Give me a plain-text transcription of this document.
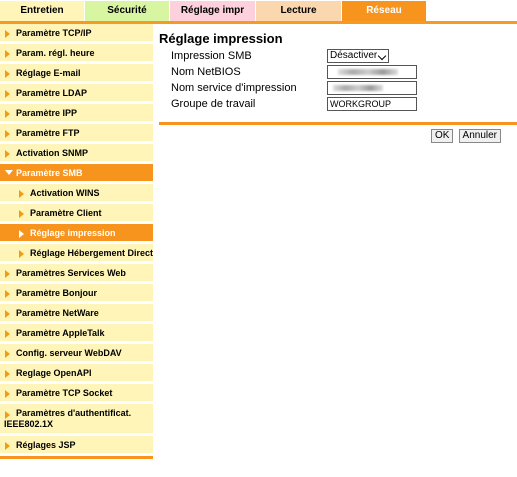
Entretien	Sécurité	Réglage impr	Lecture	Réseau
Paramètre TCP/IP
Param. régl. heure
Réglage E-mail
Paramètre LDAP
Paramètre IPP
Paramètre FTP
Activation SNMP
Paramètre SMB
Activation WINS
Paramètre Client
Réglage impression
Réglage Hébergement Direct
Paramètres Services Web
Paramètre Bonjour
Paramètre NetWare
Paramètre AppleTalk
Config. serveur WebDAV
Reglage OpenAPI
Paramètre TCP Socket
Paramètres d'authentificat.
IEEE802.1X
Réglages JSP
Réglage impression
Impression SMB	Désactiver
Nom NetBIOS
Nom service d'impression
Groupe de travail	WORKGROUP
OK Annuler
